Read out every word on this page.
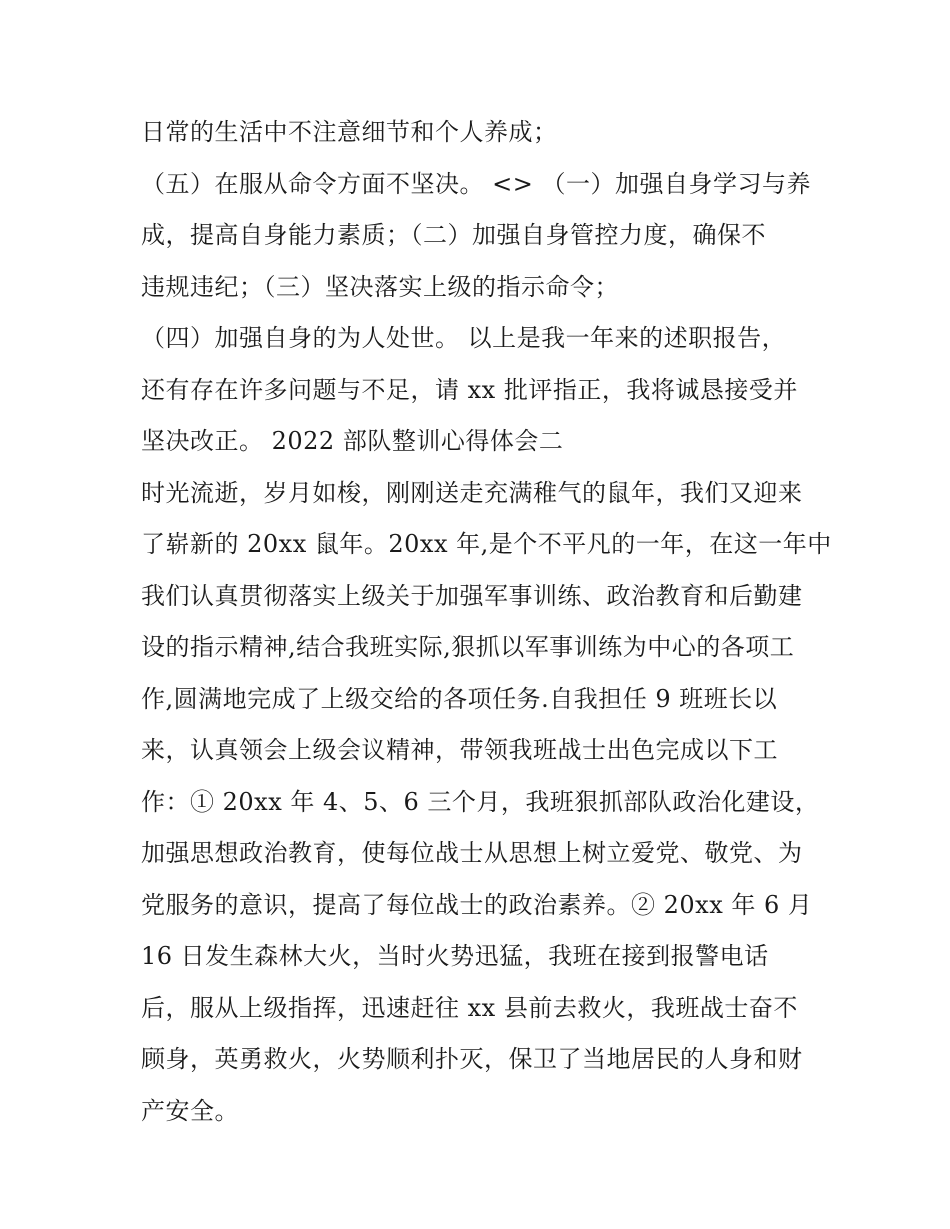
日常的生活中不注意细节和个人养成；
（五）在服从命令方面不坚决。 <> （一）加强自身学习与养
成，提高自身能力素质；（二）加强自身管控力度，确保不
违规违纪；（三）坚决落实上级的指示命令；
（四）加强自身的为人处世。 以上是我一年来的述职报告，
还有存在许多问题与不足，请 xx 批评指正，我将诚恳接受并
坚决改正。 2022 部队整训心得体会二
时光流逝，岁月如梭，刚刚送走充满稚气的鼠年，我们又迎来
了崭新的 20xx 鼠年。20xx 年,是个不平凡的一年，在这一年中
我们认真贯彻落实上级关于加强军事训练、政治教育和后勤建
设的指示精神,结合我班实际,狠抓以军事训练为中心的各项工
作,圆满地完成了上级交给的各项任务.自我担任 9 班班长以
来，认真领会上级会议精神，带领我班战士出色完成以下工
作：① 20xx 年 4、5、6 三个月，我班狠抓部队政治化建设，
加强思想政治教育，使每位战士从思想上树立爱党、敬党、为
党服务的意识，提高了每位战士的政治素养。② 20xx 年 6 月
16 日发生森林大火，当时火势迅猛，我班在接到报警电话
后，服从上级指挥，迅速赶往 xx 县前去救火，我班战士奋不
顾身，英勇救火，火势顺利扑灭，保卫了当地居民的人身和财
产安全。
